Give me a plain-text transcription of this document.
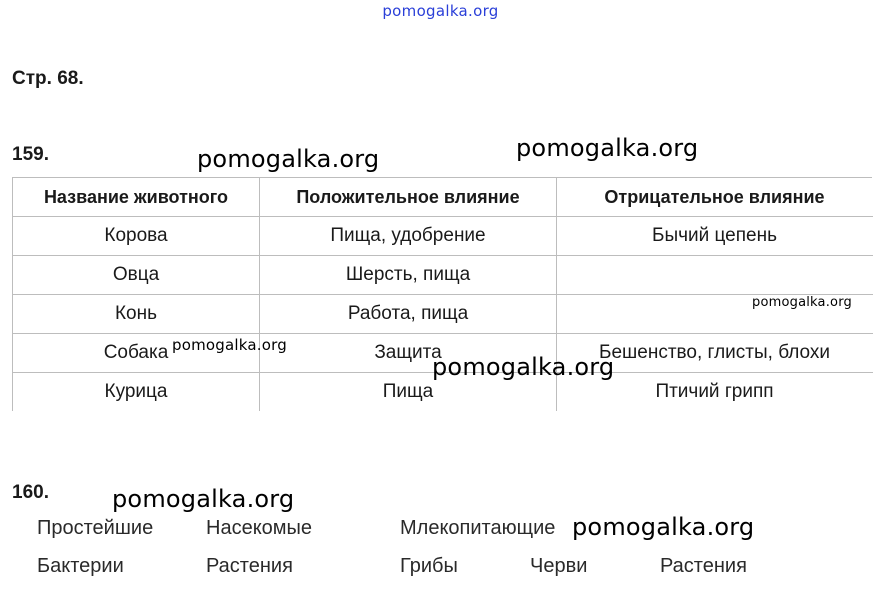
pomogalka.org
Стр. 68.
159.	pomogalka.org	pomogalka.org
Название животного	Положительное влияние	Отрицательное влияние
Корова	Пища, удобрение	Бычий цепень
Овца	Шерсть, пища	
Конь	Работа, пища	
Собака	Защита	Бешенство, глисты, блохи
Курица	Пища	Птичий грипп
pomogalka.org
pomogalka.org
pomogalka.org
160.	pomogalka.org
Простейшие	Насекомые	Млекопитающие pomogalka.org
Бактерии	Растения	Грибы	Черви	Растения
